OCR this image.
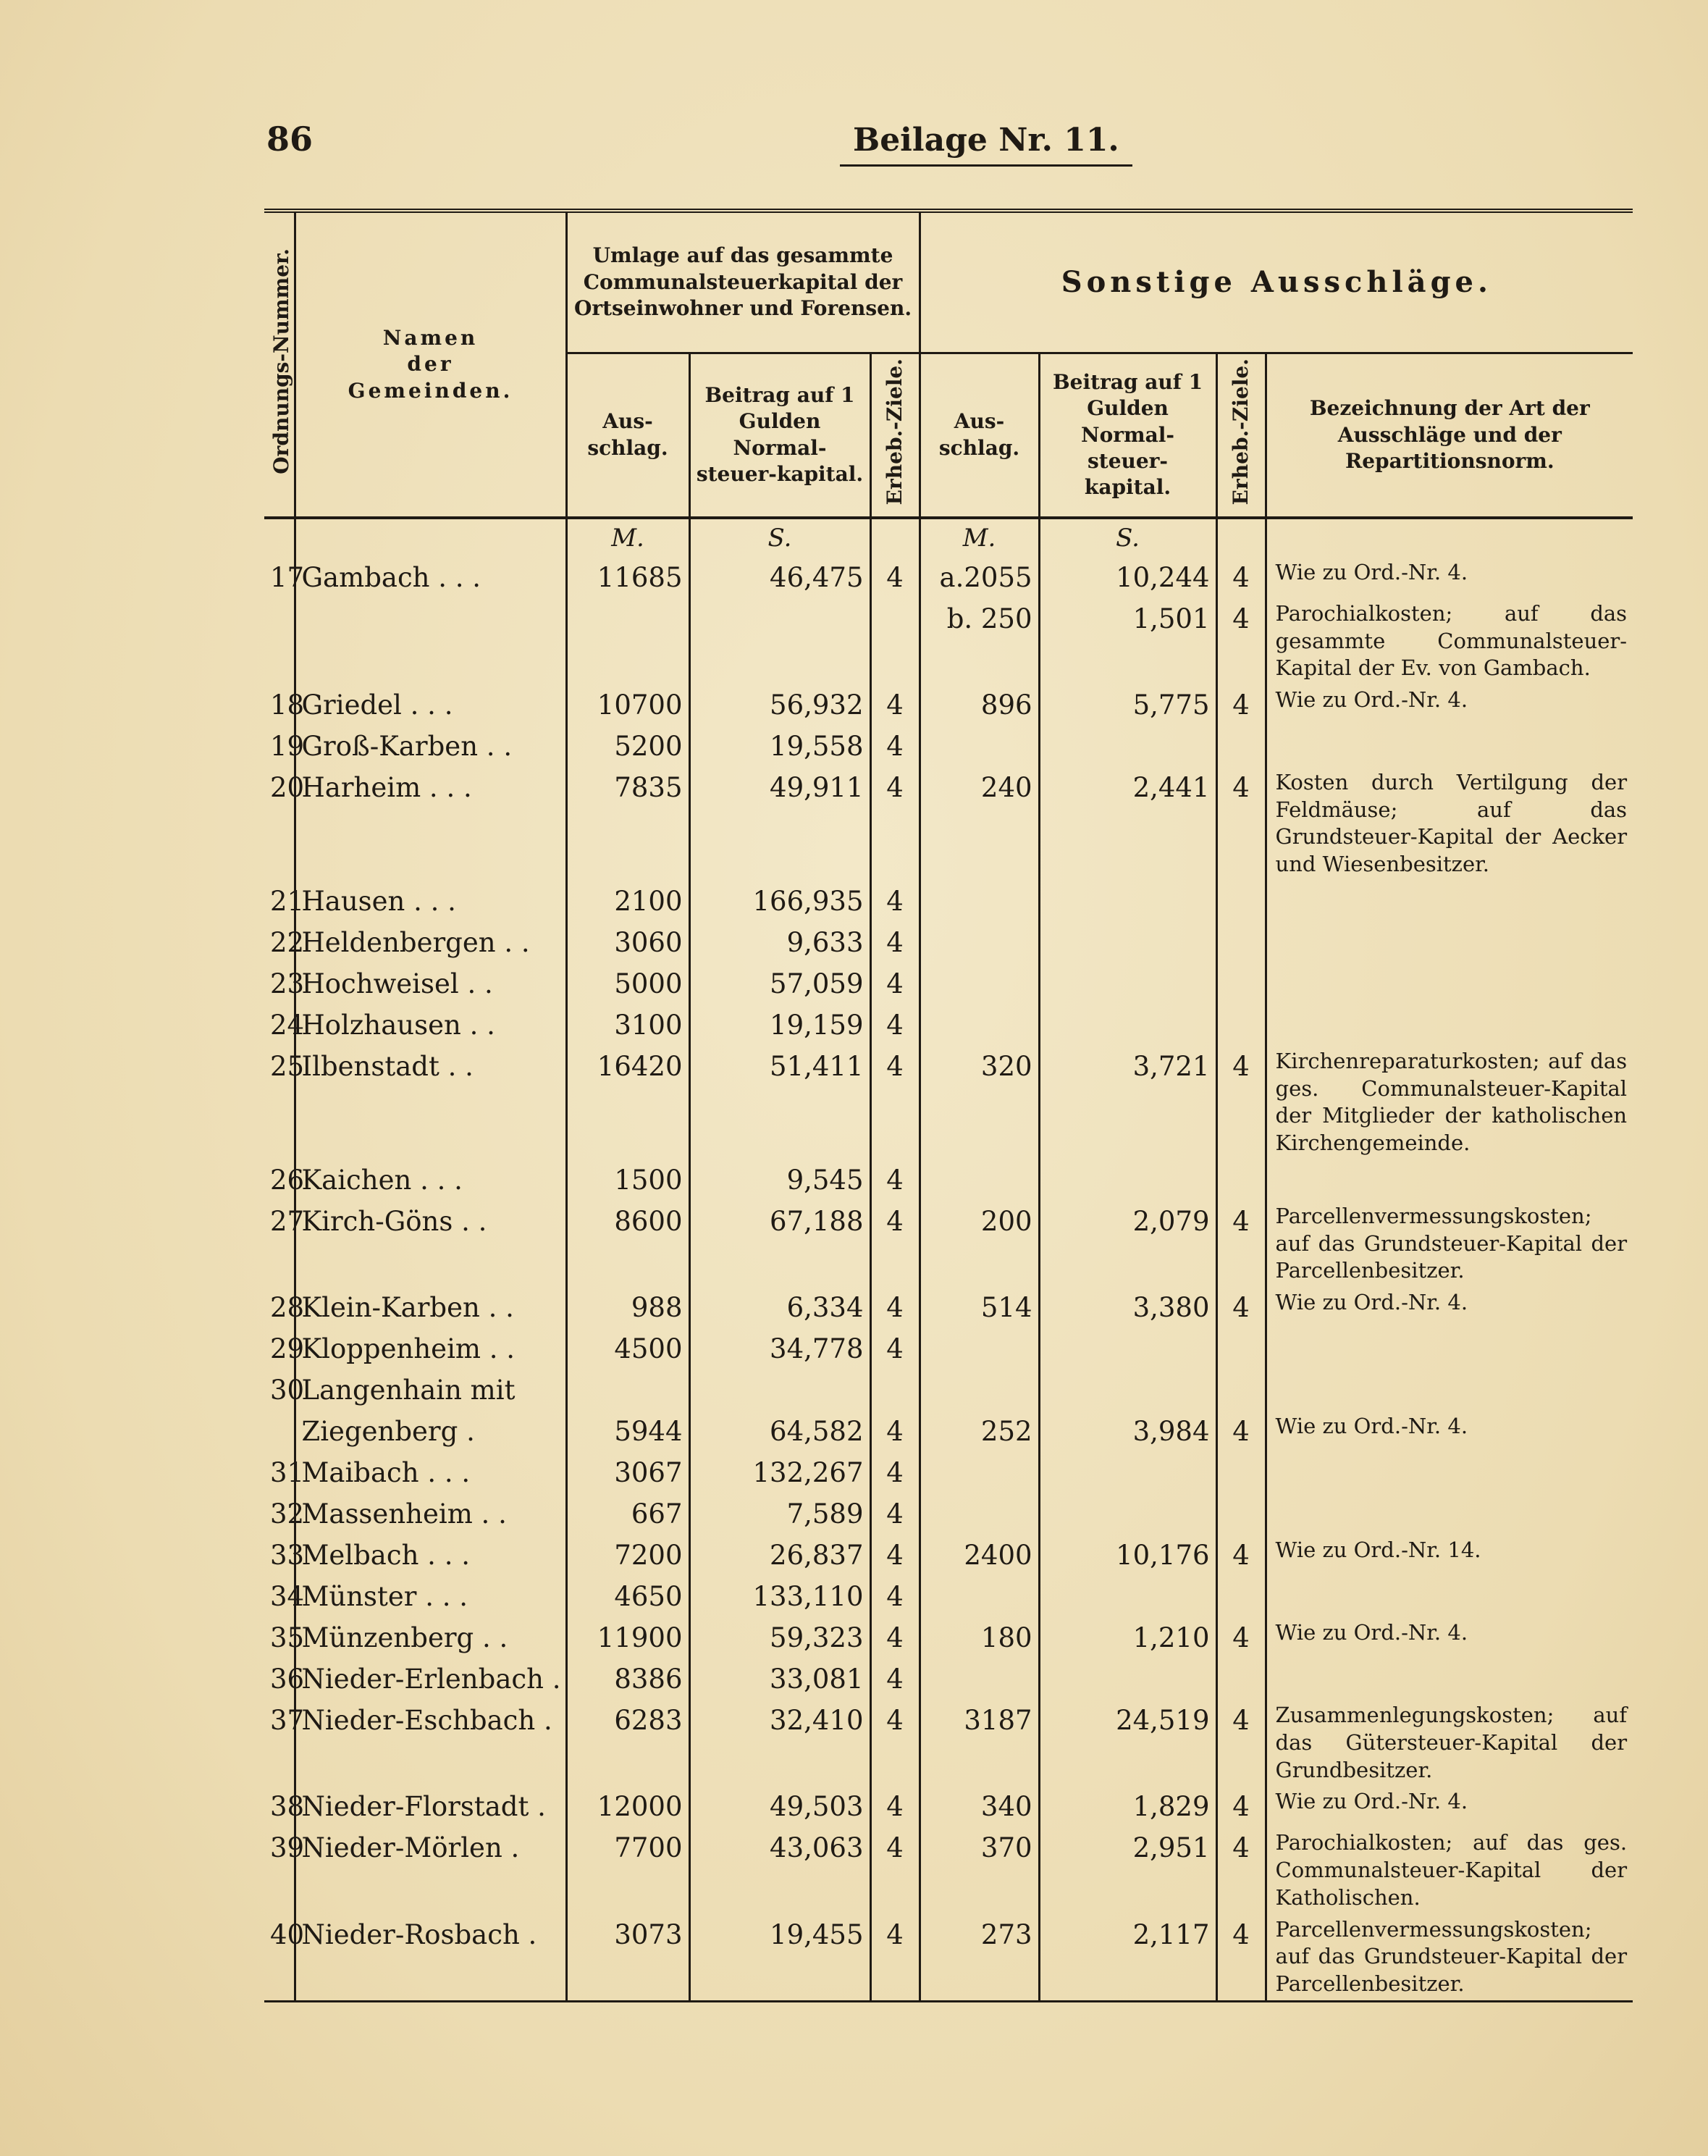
86	Beilage Nr. 11.
Ordnungs-Nummer.	Namen
der
Gemeinden.	Umlage auf das gesammte Communalsteuerkapital der Ortseinwohner und Forensen.			Sonstige Ausschläge.			
		Aus-schlag.	Beitrag auf 1 Gulden Normal-steuer-kapital.	Erheb.-Ziele.	Aus-schlag.	Beitrag auf 1 Gulden Normal-steuer-kapital.	Erheb.-Ziele.	Bezeichnung der Art der Ausschläge und der Repartitionsnorm.
		M.	S.		M.	S.		
17	Gambach . . .	11685	46,475	4	a.2055	10,244	4	Wie zu Ord.-Nr. 4.
					b. 250	1,501	4	Parochialkosten; auf das gesammte Communalsteuer-Kapital der Ev. von Gambach.
18	Griedel . . .	10700	56,932	4	896	5,775	4	Wie zu Ord.-Nr. 4.
19	Groß-Karben . .	5200	19,558	4				
20	Harheim . . .	7835	49,911	4	240	2,441	4	Kosten durch Vertilgung der Feldmäuse; auf das Grundsteuer-Kapital der Aecker und Wiesenbesitzer.
21	Hausen . . .	2100	166,935	4				
22	Heldenbergen . .	3060	9,633	4				
23	Hochweisel . .	5000	57,059	4				
24	Holzhausen . .	3100	19,159	4				
25	Ilbenstadt . .	16420	51,411	4	320	3,721	4	Kirchenreparaturkosten; auf das ges. Communalsteuer-Kapital der Mitglieder der katholischen Kirchengemeinde.
26	Kaichen . . .	1500	9,545	4				
27	Kirch-Göns . .	8600	67,188	4	200	2,079	4	Parcellenvermessungskosten; auf das Grundsteuer-Kapital der Parcellenbesitzer.
28	Klein-Karben . .	988	6,334	4	514	3,380	4	Wie zu Ord.-Nr. 4.
29	Kloppenheim . .	4500	34,778	4				
30	Langenhain mit							
	Ziegenberg .	5944	64,582	4	252	3,984	4	Wie zu Ord.-Nr. 4.
31	Maibach . . .	3067	132,267	4				
32	Massenheim . .	667	7,589	4				
33	Melbach . . .	7200	26,837	4	2400	10,176	4	Wie zu Ord.-Nr. 14.
34	Münster . . .	4650	133,110	4				
35	Münzenberg . .	11900	59,323	4	180	1,210	4	Wie zu Ord.-Nr. 4.
36	Nieder-Erlenbach .	8386	33,081	4				
37	Nieder-Eschbach .	6283	32,410	4	3187	24,519	4	Zusammenlegungskosten; auf das Gütersteuer-Kapital der Grundbesitzer.
38	Nieder-Florstadt .	12000	49,503	4	340	1,829	4	Wie zu Ord.-Nr. 4.
39	Nieder-Mörlen .	7700	43,063	4	370	2,951	4	Parochialkosten; auf das ges. Communalsteuer-Kapital der Katholischen.
40	Nieder-Rosbach .	3073	19,455	4	273	2,117	4	Parcellenvermessungskosten; auf das Grundsteuer-Kapital der Parcellenbesitzer.
